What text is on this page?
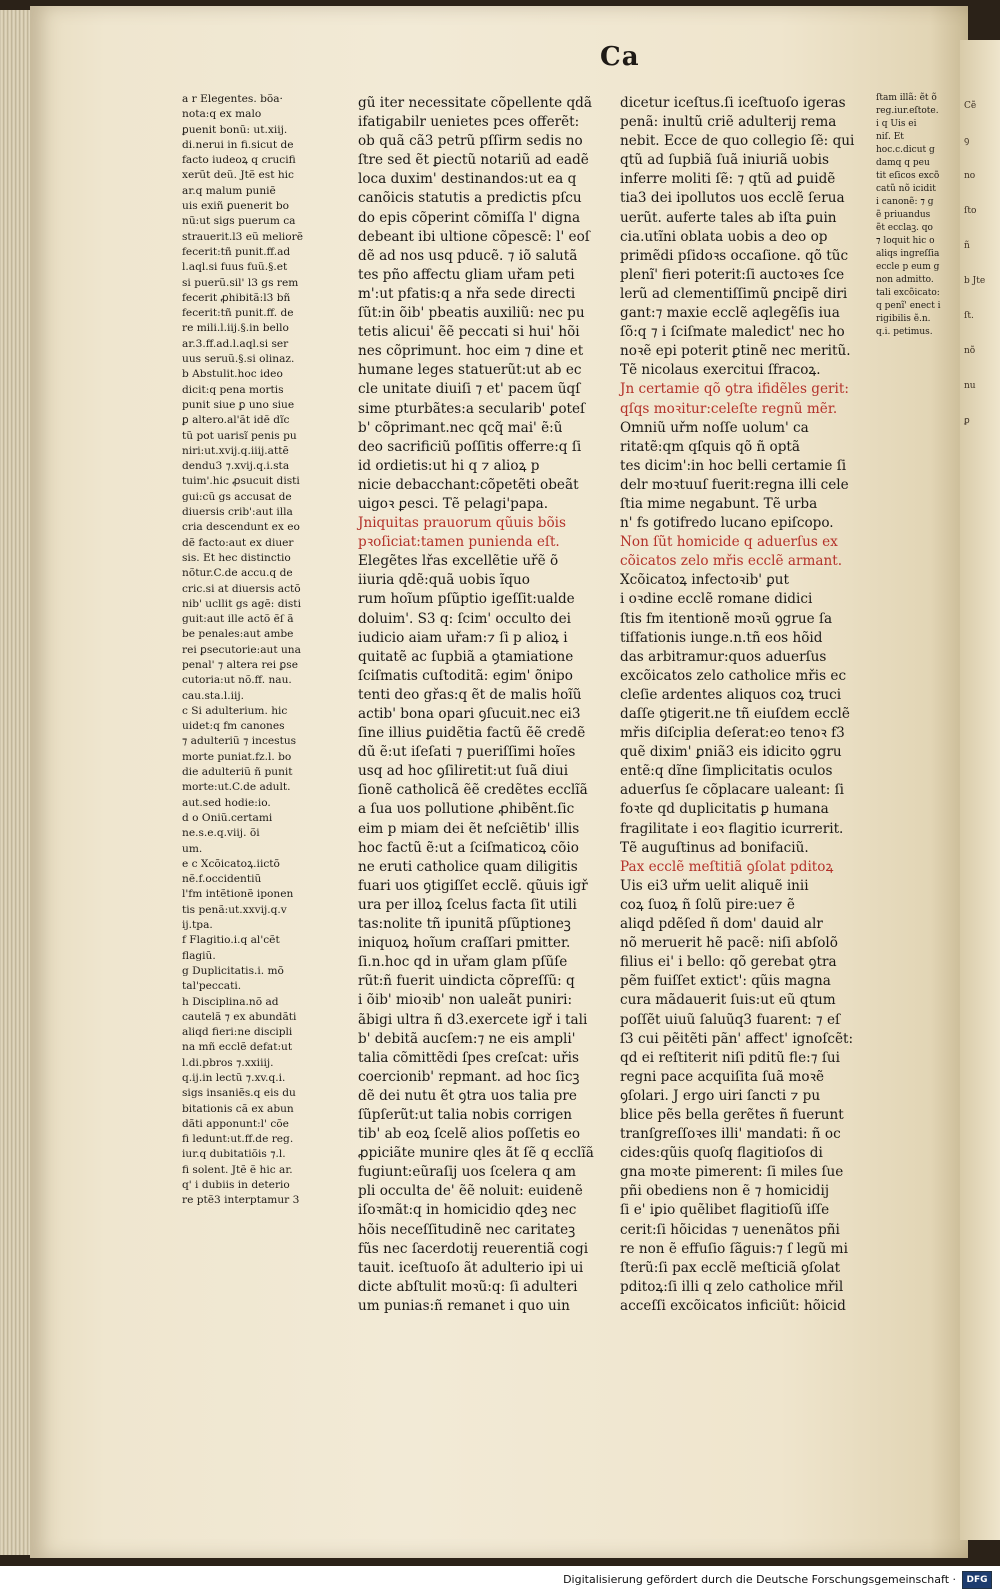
Cẽ
ꝯ
no
ſto
ñ
b Jte
ſt.
nõ
nu
ꝑ
Ca
a r Elegentes. bõa·
nota:q ex malo
ꝑuenit bonũ: ut.xiij.
di.nerui in fi.sicut de
facto iudeoꝝ q crucifi
xerũt deũ. Jtẽ est hic
ar.q malum puniẽ
uis exiñ ꝑuenerit bo
nũ:ut sigs puerum ca
strauerit.l3 eũ meliorẽ
fecerit:tñ punit.ff.ad
l.aql.si fuus fuũ.§.et
si puerũ.sil' l3 gs rem
fecerit ꝓhibitã:l3 bñ
fecerit:tñ punit.ff. de
re mili.l.iij.§.in bello
ar.3.ff.ad.l.aql.si ser
uus seruũ.§.si olinaz.
b Abstulit.hoc ideo
dicit:q pena mortis
punit siue ꝑ uno siue
ꝑ altero.al'ãt idẽ dĩc
tũ pot uarisĩ penis pu
niri:ut.xvij.q.iiij.attẽ
dendu3 ⁊.xvij.q.i.sta
tuim'.hic ꝓsucuit disti
gui:cũ gs accusat de
diuersis crib':aut illa
cria descendunt ex eo
dẽ facto:aut ex diuer
sis. Et hec distinctio
nõtur.C.de accu.q de
cric.si at diuersis actõ
nib' ucllit gs agẽ: disti
guit:aut ille actõ ẽſ ã
be penales:aut ambe
rei ꝑsecutorie:aut una
penal' ⁊ altera rei ꝑse
cutoria:ut nõ.ff. nau.
cau.sta.l.iij.
c Si adulterium. hic
uidet:q fm canones
⁊ adulteriũ ⁊ incestus
morte puniat.fz.l. bo
die adulteriũ ñ punit
morte:ut.C.de adult.
aut.sed hodie:io.
d o Oniũ.certami
ne.s.e.q.viij. õi
um.
e c Xcõicatoꝝ.iictõ
nẽ.f.occidentiũ
l'fm intẽtionẽ iponen
tis penã:ut.xxvij.q.v
ij.tpa.
f Flagitio.i.q al'cẽt
flagiũ.
g Duplicitatis.i. mõ
tal'peccati.
h Disciplina.nõ ad
cautelã ⁊ ex abundãti
aliqd fieri:ne discipli
na mñ ecclẽ defat:ut
l.di.pbros ⁊.xxiiij.
q.ij.in lectũ ⁊.xv.q.i.
sigs insaniẽs.q eis du
bitationis cã ex abun
dãti apponunt:l' cõe
fi ledunt:ut.ff.de reg.
iur.q dubitatiõis ⁊.l.
fi solent. Jtẽ ẽ hic ar.
q' i dubiis in deterio
re ptẽ3 interptamur 3
gũ iter necessitate cõpellente qdã
ifatigabilr uenietes pces offerẽt:
ob quã cã3 petrũ pſſirm sedis no
ſtre sed ẽt ꝑiectũ notariũ ad eadẽ
loca duxim' destinandos:ut ea q
canõicis statutis a predictis pſcu
do epis cõperint cõmiſſa l' digna
debeant ibi ultione cõpescẽ: l' eoſ
dẽ ad nos usq pducẽ. ⁊ iõ salutã
tes pño affectu gliam uřam peti
m':ut pfatis:q a nřa sede directi
ſũt:in õib' pbeatis auxiliũ: nec pu
tetis alicui' ẽẽ peccati si hui' hõi
nes cõprimunt. hoc eim ⁊ dine et
humane leges statuerũt:ut ab ec
cle unitate diuiſi ⁊ et' pacem ũqſ
sime pturbãtes:a secularib' ꝑoteſ
b' cõprimant.nec qcq̃ mai' ẽ:ũ
deo sacrificiũ poſſitis offerre:q ſi
id ordietis:ut hi q ⁊ alioꝝ p
nicie debacchant:cõpetẽti obeãt
uigoꝛ ꝑesci. Tẽ pelagi'papa.
Jniquitas prauorum qũuis bõis
pꝛoſiciat:tamen punienda eſt.
Elegẽtes lřas excellẽtie uřẽ õ
iiuria qdẽ:quã uobis ĩquo
rum hoĩum pſũptio igeſſit:ualde
doluim'. S3 q: ſcim' occulto dei
iudicio aiam uřam:⁊ ſi p alioꝝ i
quitatẽ ac ſupbiã a ꝯtamiatione
ſciſmatis cuſtoditã: egim' õnipo
tenti deo gřas:q ẽt de malis hoĩũ
actib' bona opari ꝯſucuit.nec ei3
ſine illius ꝑuidẽtia factũ ẽẽ credẽ
dũ ẽ:ut iſeſati ⁊ pueriſſimi hoĩes
usq ad hoc ꝯſiliretit:ut ſuã diui
ſionẽ catholicã ẽẽ credẽtes ecclĩã
a ſua uos pollutione ꝓhibẽnt.ſic
eim p miam dei ẽt neſciẽtib' illis
hoc factũ ẽ:ut a ſciſmaticoꝝ cõio
ne eruti catholice quam diligitis
fuari uos ꝯtigiſſet ecclẽ. qũuis igř
ura per illoꝝ ſcelus facta ſit utili
tas:nolite tñ ipunitã pſũptioneꝫ
iniquoꝝ hoĩum craſſari pmitter.
ſi.n.hoc qd in uřam glam pſũſe
rũt:ñ fuerit uindicta cõpreſſũ: q
i õib' mioꝛib' non ualeãt puniri:
ãbigi ultra ñ d3.exercete igř i tali
b' debitã aucſem:⁊ ne eis ampli'
talia cõmittẽdi ſpes creſcat: uřis
coercionib' repmant. ad hoc ſicꝫ
dẽ dei nutu ẽt ꝯtra uos talia pre
ſũpſerũt:ut talia nobis corrigen
tib' ab eoꝝ ſcelẽ alios poſſetis eo
ꝓpiciãte munire qles ãt ſẽ q ecclĩã
fugiunt:eũraſij uos ſcelera q am
pli occulta de' ẽẽ noluit: euidenẽ
iſoꝛmãt:q in homicidio qdeꝫ nec
hõis neceſſitudinẽ nec caritateꝫ
fũs nec ſacerdotij reuerentiã cogi
tauit. iceſtuoſo ãt adulterio ipi ui
dicte abſtulit moꝛũ:q: ſi adulteri
um punias:ñ remanet i quo uin
dicetur iceſtus.ſi iceſtuoſo igeras
penã: inultũ criẽ adulterij rema
nebit. Ecce de quo collegio ſẽ: qui
qtũ ad ſupbiã ſuã iniuriã uobis
inferre moliti ſẽ: ⁊ qtũ ad ꝑuidẽ
tia3 dei ipollutos uos ecclẽ ſerua
uerũt. auferte tales ab iſta ꝑuin
cia.utĩni oblata uobis a deo op
primẽdi pſidoꝛs occaſione. qõ tũc
plenĩ' fieri poterit:ſi auctoꝛes ſce
lerũ ad clementiſſimũ ꝑncipẽ diri
gant:⁊ maxie ecclẽ aqlegẽſis iua
ſõ:q ⁊ i ſciſmate maledict' nec ho
noꝛẽ epi poterit ꝑtinẽ nec meritũ.
Tẽ nicolaus exercitui ſfracoꝝ.
Jn certamie qõ ꝯtra ifidẽles gerit:
qſqs moꝛitur:celeſte regnũ mẽr.
Omniũ uřm noſſe uolum' ca
ritatẽ:qm qſquis qõ ñ optã
tes dicim':in hoc belli certamie ſi
delr moꝛtuuſ fuerit:regna illi cele
ſtia mime negabunt. Tẽ urba
n' fs gotifredo lucano epiſcopo.
Non ſũt homicide q aduerſus ex
cõicatos zelo mřis ecclẽ armant.
Xcõicatoꝝ infectoꝛib' ꝑut
i oꝛdine ecclẽ romane didici
ſtis fm itentionẽ moꝛũ ꝯgrue ſa
tiſfationis iunge.n.tñ eos hõid
das arbitramur:quos aduerſus
excõicatos zelo catholice mřis ec
cleſie ardentes aliquos coꝝ truci
daſſe ꝯtigerit.ne tñ eiuſdem ecclẽ
mřis diſciplia deſerat:eo tenoꝛ f3
quẽ dixim' ꝑniã3 eis idicito ꝯgru
entẽ:q dĩne ſimplicitatis oculos
aduerſus ſe cõplacare ualeant: ſi
foꝛte qd duplicitatis ꝑ humana
fragilitate i eoꝛ flagitio icurrerit.
Tẽ auguſtinus ad bonifaciũ.
Pax ecclẽ meſtitiã ꝯſolat pditoꝝ
Uis ei3 uřm uelit aliquẽ inii
coꝝ ſuoꝝ ñ ſolũ pire:ue⁊ ẽ
aliqd pdẽſed ñ dom' dauid alr
nõ meruerit hẽ pacẽ: niſi abſolõ
filius ei' i bello: qõ gerebat ꝯtra
pẽm fuiſſet extict': qũis magna
cura mãdauerit ſuis:ut eũ qtum
poſſẽt uiuũ ſaluũq3 fuarent: ⁊ eſ
ſ3 cui pẽitẽti pãn' affect' ignoſcẽt:
qd ei reſtiterit niſi pditũ fle:⁊ ſui
regni pace acquiſita ſuã moꝛẽ
ꝯſolari. J ergo uiri ſancti ⁊ pu
blice pẽs bella gerẽtes ñ fuerunt
tranſgreſſoꝛes illi' mandati: ñ oc
cides:qũis quoſq flagitioſos di
gna moꝛte pimerent: ſi miles ſue
pñi obediens non ẽ ⁊ homicidij
ſi e' iꝑio quẽlibet flagitioſũ iſſe
cerit:ſi hõicidas ⁊ uenenãtos pñi
re non ẽ effuſio ſãguis:⁊ ſ legũ mi
ſterũ:ſi pax ecclẽ meſticiã ꝯſolat
pditoꝝ:ſi illi q zelo catholice mřil
acceſſi excõicatos inficiũt: hõicid
ſtam illã: ẽt õ
reg.iur.eſtote.
i q Uis ei
niſ. Et
hoc.c.dicut g
damq q peu
tit eſicos excõ
catũ nõ icidit
i canonẽ: ⁊ g
ẽ priuandus
ẽt ecclaꝫ. qo
⁊ loquit hic o
aliqs ingreſſia
eccle p eum g
non admitto.
tali excõicato:
q penĩ' enect i
rigibilis ẽ.n.
q.i. petimus.
Digitalisierung gefördert durch die Deutsche Forschungsgemeinschaft ·	DFG
